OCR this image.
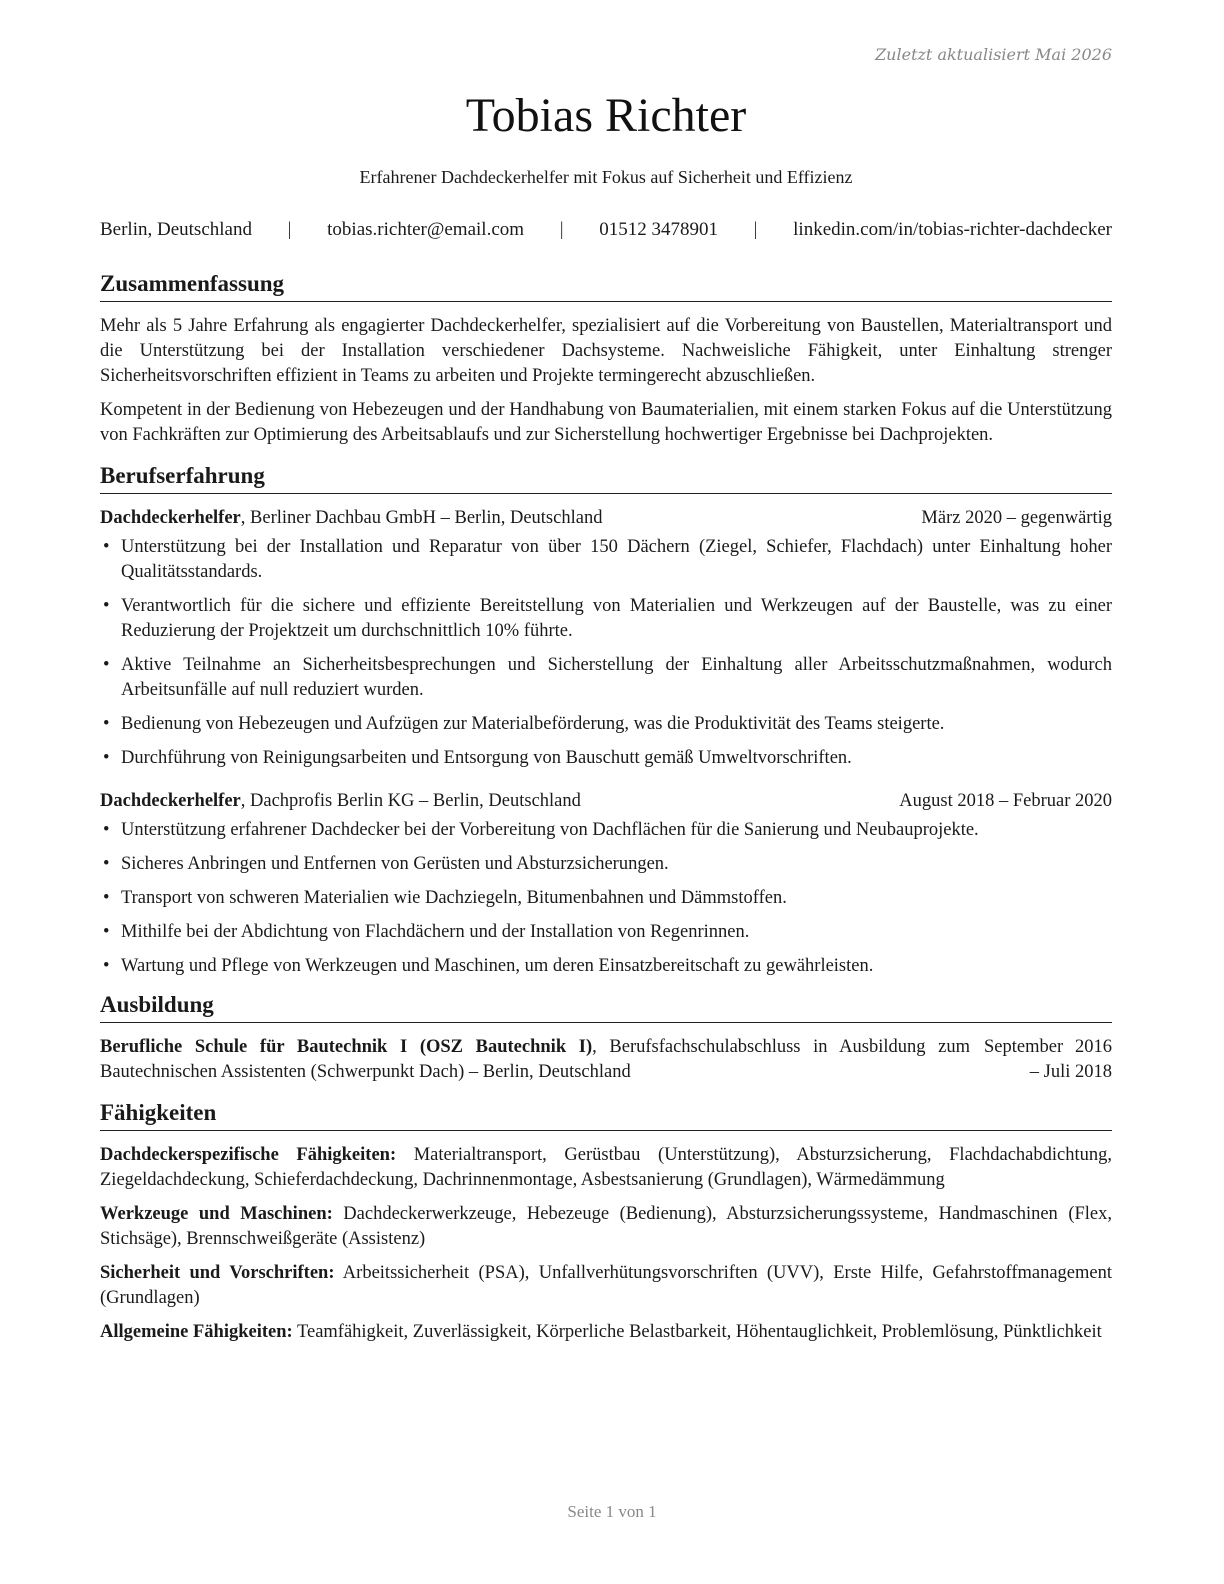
Zuletzt aktualisiert Mai 2026
Tobias Richter
Erfahrener Dachdeckerhelfer mit Fokus auf Sicherheit und Effizienz
Berlin, Deutschland | tobias.richter@email.com | 01512 3478901 | linkedin.com/in/tobias-richter-dachdecker
Zusammenfassung

Mehr als 5 Jahre Erfahrung als engagierter Dachdeckerhelfer, spezialisiert auf die Vorbereitung von Baustellen, Materialtransport und die Unterstützung bei der Installation verschiedener Dachsysteme. Nachweisliche Fähigkeit, unter Einhaltung strenger Sicherheitsvorschriften effizient in Teams zu arbeiten und Projekte termingerecht abzuschließen.

Kompetent in der Bedienung von Hebezeugen und der Handhabung von Baumaterialien, mit einem starken Fokus auf die Unterstützung von Fachkräften zur Optimierung des Arbeitsablaufs und zur Sicherstellung hochwertiger Ergebnisse bei Dachprojekten.

Berufserfahrung
Dachdeckerhelfer, Berliner Dachbau GmbH – Berlin, Deutschland	März 2020 – gegenwärtig
• Unterstützung bei der Installation und Reparatur von über 150 Dächern (Ziegel, Schiefer, Flachdach) unter Einhaltung hoher Qualitätsstandards.
• Verantwortlich für die sichere und effiziente Bereitstellung von Materialien und Werkzeugen auf der Baustelle, was zu einer Reduzierung der Projektzeit um durchschnittlich 10% führte.
• Aktive Teilnahme an Sicherheitsbesprechungen und Sicherstellung der Einhaltung aller Arbeitsschutzmaßnahmen, wodurch Arbeitsunfälle auf null reduziert wurden.
• Bedienung von Hebezeugen und Aufzügen zur Materialbeförderung, was die Produktivität des Teams steigerte.
• Durchführung von Reinigungsarbeiten und Entsorgung von Bauschutt gemäß Umweltvorschriften.
Dachdeckerhelfer, Dachprofis Berlin KG – Berlin, Deutschland	August 2018 – Februar 2020
• Unterstützung erfahrener Dachdecker bei der Vorbereitung von Dachflächen für die Sanierung und Neubauprojekte.
• Sicheres Anbringen und Entfernen von Gerüsten und Absturzsicherungen.
• Transport von schweren Materialien wie Dachziegeln, Bitumenbahnen und Dämmstoffen.
• Mithilfe bei der Abdichtung von Flachdächern und der Installation von Regenrinnen.
• Wartung und Pflege von Werkzeugen und Maschinen, um deren Einsatzbereitschaft zu gewährleisten.
Ausbildung
Berufliche Schule für Bautechnik I (OSZ Bautechnik I), Berufsfachschulabschluss in Ausbildung zum Bautechnischen Assistenten (Schwerpunkt Dach) – Berlin, Deutschland
September 2016 – Juli 2018
Fähigkeiten

Dachdeckerspezifische Fähigkeiten: Materialtransport, Gerüstbau (Unterstützung), Absturzsicherung, Flachdachabdichtung, Ziegeldachdeckung, Schieferdachdeckung, Dachrinnenmontage, Asbestsanierung (Grundlagen), Wärmedämmung

Werkzeuge und Maschinen: Dachdeckerwerkzeuge, Hebezeuge (Bedienung), Absturzsicherungssysteme, Handmaschinen (Flex, Stichsäge), Brennschweißgeräte (Assistenz)

Sicherheit und Vorschriften: Arbeitssicherheit (PSA), Unfallverhütungsvorschriften (UVV), Erste Hilfe, Gefahrstoffmanagement (Grundlagen)

Allgemeine Fähigkeiten: Teamfähigkeit, Zuverlässigkeit, Körperliche Belastbarkeit, Höhentauglichkeit, Problemlösung, Pünktlichkeit

Seite 1 von 1
